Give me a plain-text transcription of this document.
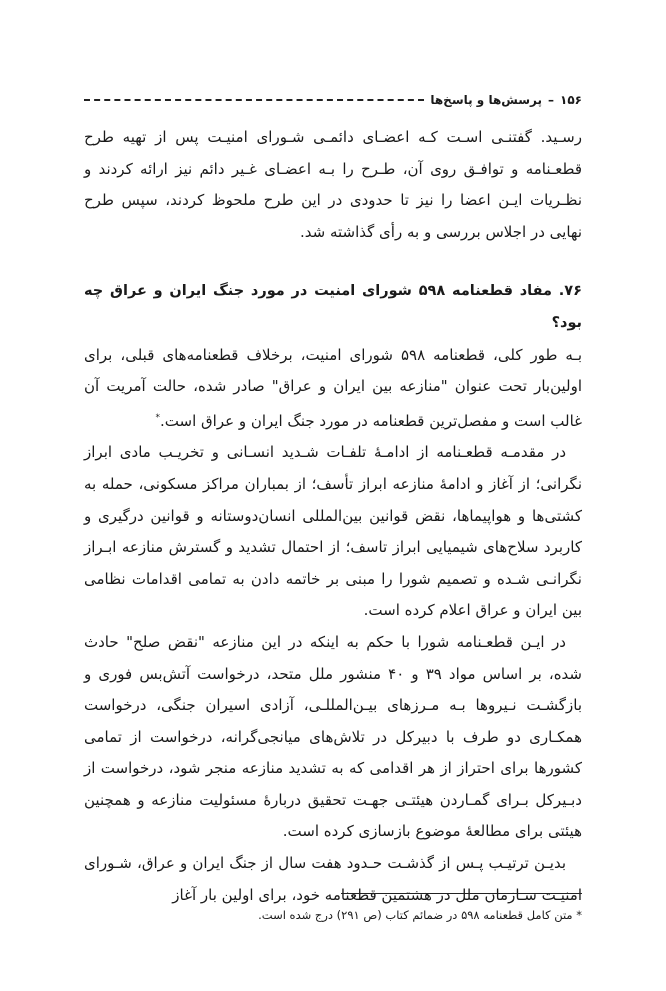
۱۵۶
–
پرسش‌ها و پاسخ‌ها

رسـید. گفتنـی اسـت کـه اعضـای دائمـی شـورای امنیـت پس از تهیه طرح قطعـنامه و توافـق روی آن، طـرح را بـه اعضـای غـیر دائم نیز ارائه کردند و نظـریات ایـن اعضا را نیز تا حدودی در این طرح ملحوظ کردند، سپس طرح نهایی در اجلاس بررسی و به رأی گذاشته شد.

۷۶. مفاد قطعنامه ۵۹۸ شورای امنیت در مورد جنگ ایران و عراق چه بود؟

بـه طور کلی، قطعنامه ۵۹۸ شورای امنیت، برخلاف قطعنامه‌های قبلی، برای اولین‌بار تحت عنوان "منازعه بین ایران و عراق" صادر شده، حالت آمریت آن غالب است و مفصل‌ترین قطعنامه در مورد جنگ ایران و عراق است.*

در مقدمـه قطعـنامه از ادامـهٔ تلفـات شـدید انسـانی و تخریـب مادی ابراز نگرانی؛ از آغاز و ادامهٔ منازعه ابراز تأسف؛ از بمباران مراکز مسکونی، حمله به کشتی‌ها و هواپیماها، نقض قوانین بین‌المللی انسان‌دوستانه و قوانین درگیری و کاربرد سلاح‌های شیمیایی ابراز تاسف؛ از احتمال تشدید و گسترش منازعه ابـراز نگرانـی شـده و تصمیم شورا را مبنی بر خاتمه دادن به تمامی اقدامات نظامی بین ایران و عراق اعلام کرده است.

در ایـن قطعـنامه شورا با حکم به اینکه در این منازعه "نقض صلح" حادث شده، بر اساس مواد ۳۹ و ۴۰ منشور ملل متحد، درخواست آتش‌بس فوری و بازگشـت نـیروها بـه مـرزهای بیـن‌المللـی، آزادی اسیران جنگی، درخواست همکـاری دو طرف با دبیرکل در تلاش‌های میانجی‌گرانه، درخواست از تمامی کشورها برای احتراز از هر اقدامی که به تشدید منازعه منجر شود، درخواست از دبـیرکل بـرای گمـاردن هیئتـی جهـت تحقیق دربارهٔ مسئولیت منازعه و همچنین هیئتی برای مطالعهٔ موضوع بازسازی کرده است.

بدیـن ترتیـب پـس از گذشـت حـدود هفت سال از جنگ ایران و عراق، شـورای امنیـت سـازمان ملل در هشتمین قطعنامه خود، برای اولین بار آغاز

* متن کامل قطعنامه ۵۹۸ در ضمائم کتاب (ص ۲۹۱) درج شده است.
